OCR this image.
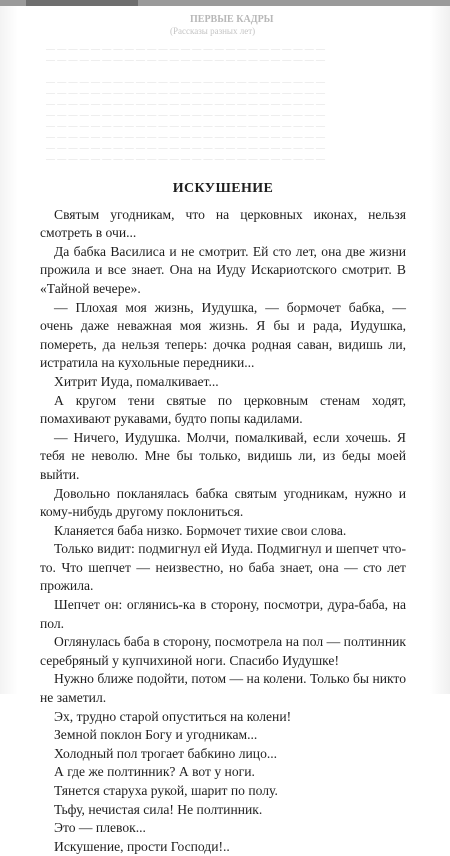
ПЕРВЫЕ КАДРЫ
(Рассказы разных лет)
— — — — — — — — — — — — — — — — — — — — — — — — —
— — — — — — — — — — — — — — — — — — — — — — — — —

— — — — — — — — — — — — — — — — — — — — — — — — —
— — — — — — — — — — — — — — — — — — — — — — — — —
— — — — — — — — — — — — — — — — — — — — — — — — —
— — — — — — — — — — — — — — — — — — — — — — — — —
— — — — — — — — — — — — — — — — — — — — — — — — —
— — — — — — — — — — — — — — — — — — — — — — — — —
— — — — — — — — — — — — — — — — — — — — — — — — —
— — — — — — — — — — — — — — — — — — — — — — — — —
ИСКУШЕНИЕ

Святым угодникам, что на церковных иконах, нельзя смотреть в очи...

Да бабка Василиса и не смотрит. Ей сто лет, она две жизни прожила и все знает. Она на Иуду Искариотского смотрит. В «Тайной вечере».

— Плохая моя жизнь, Иудушка, — бормочет бабка, — очень даже неважная моя жизнь. Я бы и рада, Иудушка, помереть, да нельзя теперь: дочка родная саван, видишь ли, истратила на кухольные передники...

Хитрит Иуда, помалкивает...

А кругом тени святые по церковным стенам ходят, помахивают рукавами, будто попы кадилами.

— Ничего, Иудушка. Молчи, помалкивай, если хочешь. Я тебя не неволю. Мне бы только, видишь ли, из беды моей выйти.

Довольно покланялась бабка святым угодникам, нужно и кому-нибудь другому поклониться.

Кланяется баба низко. Бормочет тихие свои слова.

Только видит: подмигнул ей Иуда. Подмигнул и шепчет что-то. Что шепчет — неизвестно, но баба знает, она — сто лет прожила.

Шепчет он: оглянись-ка в сторону, посмотри, дура-баба, на пол.

Оглянулась баба в сторону, посмотрела на пол — полтинник серебряный у купчихиной ноги. Спасибо Иудушке!

Нужно ближе подойти, потом — на колени. Только бы никто не заметил.

Эх, трудно старой опуститься на колени!

Земной поклон Богу и угодникам...

Холодный пол трогает бабкино лицо...

А где же полтинник? А вот у ноги.

Тянется старуха рукой, шарит по полу.

Тьфу, нечистая сила! Не полтинник.

Это — плевок...

Искушение, прости Господи!..
